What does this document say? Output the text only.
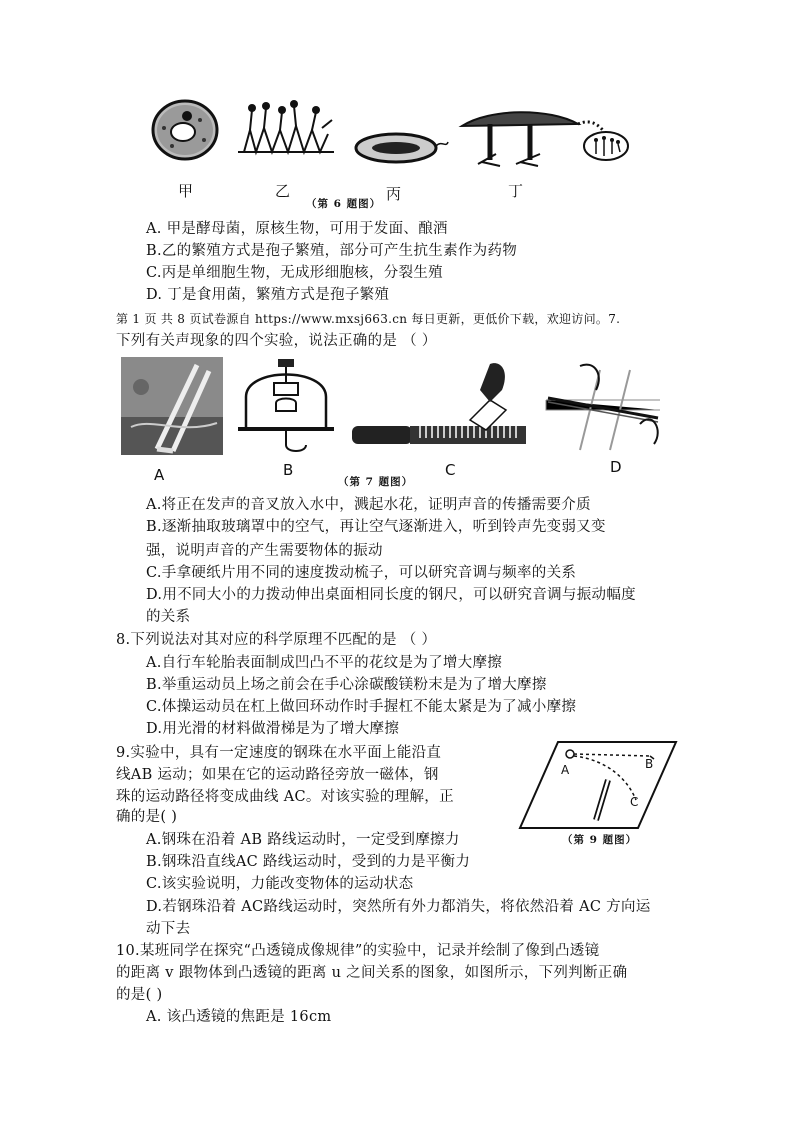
甲	乙	丙	丁
（第 6 题图）
A. 甲是酵母菌，原核生物，可用于发面、酿酒
B.乙的繁殖方式是孢子繁殖，部分可产生抗生素作为药物
C.丙是单细胞生物，无成形细胞核，分裂生殖
D. 丁是食用菌，繁殖方式是孢子繁殖
第 1 页 共 8 页试卷源自 https://www.mxsj663.cn 每日更新，更低价下载，欢迎访问。7.
下列有关声现象的四个实验，说法正确的是 （ ）
A	B	C	D
（第 7 题图）
A.将正在发声的音叉放入水中，溅起水花，证明声音的传播需要介质
B.逐渐抽取玻璃罩中的空气，再让空气逐渐进入，听到铃声先变弱又变
强，说明声音的产生需要物体的振动
C.手拿硬纸片用不同的速度拨动梳子，可以研究音调与频率的关系
D.用不同大小的力拨动伸出桌面相同长度的钢尺，可以研究音调与振动幅度
的关系
8.下列说法对其对应的科学原理不匹配的是 （ ）
A.自行车轮胎表面制成凹凸不平的花纹是为了增大摩擦
B.举重运动员上场之前会在手心涂碳酸镁粉末是为了增大摩擦
C.体操运动员在杠上做回环动作时手握杠不能太紧是为了减小摩擦
D.用光滑的材料做滑梯是为了增大摩擦
9.实验中，具有一定速度的钢珠在水平面上能沿直
线AB 运动；如果在它的运动路径旁放一磁体，钢
珠的运动路径将变成曲线 AC。对该实验的理解，正
确的是( )
A	B
C
（第 9 题图）
A.钢珠在沿着 AB 路线运动时，一定受到摩擦力
B.钢珠沿直线AC 路线运动时，受到的力是平衡力
C.该实验说明，力能改变物体的运动状态
D.若钢珠沿着 AC路线运动时，突然所有外力都消失，将依然沿着 AC 方向运
动下去
10.某班同学在探究“凸透镜成像规律”的实验中，记录并绘制了像到凸透镜
的距离 v 跟物体到凸透镜的距离 u 之间关系的图象，如图所示，下列判断正确
的是( )
A. 该凸透镜的焦距是 16cm
